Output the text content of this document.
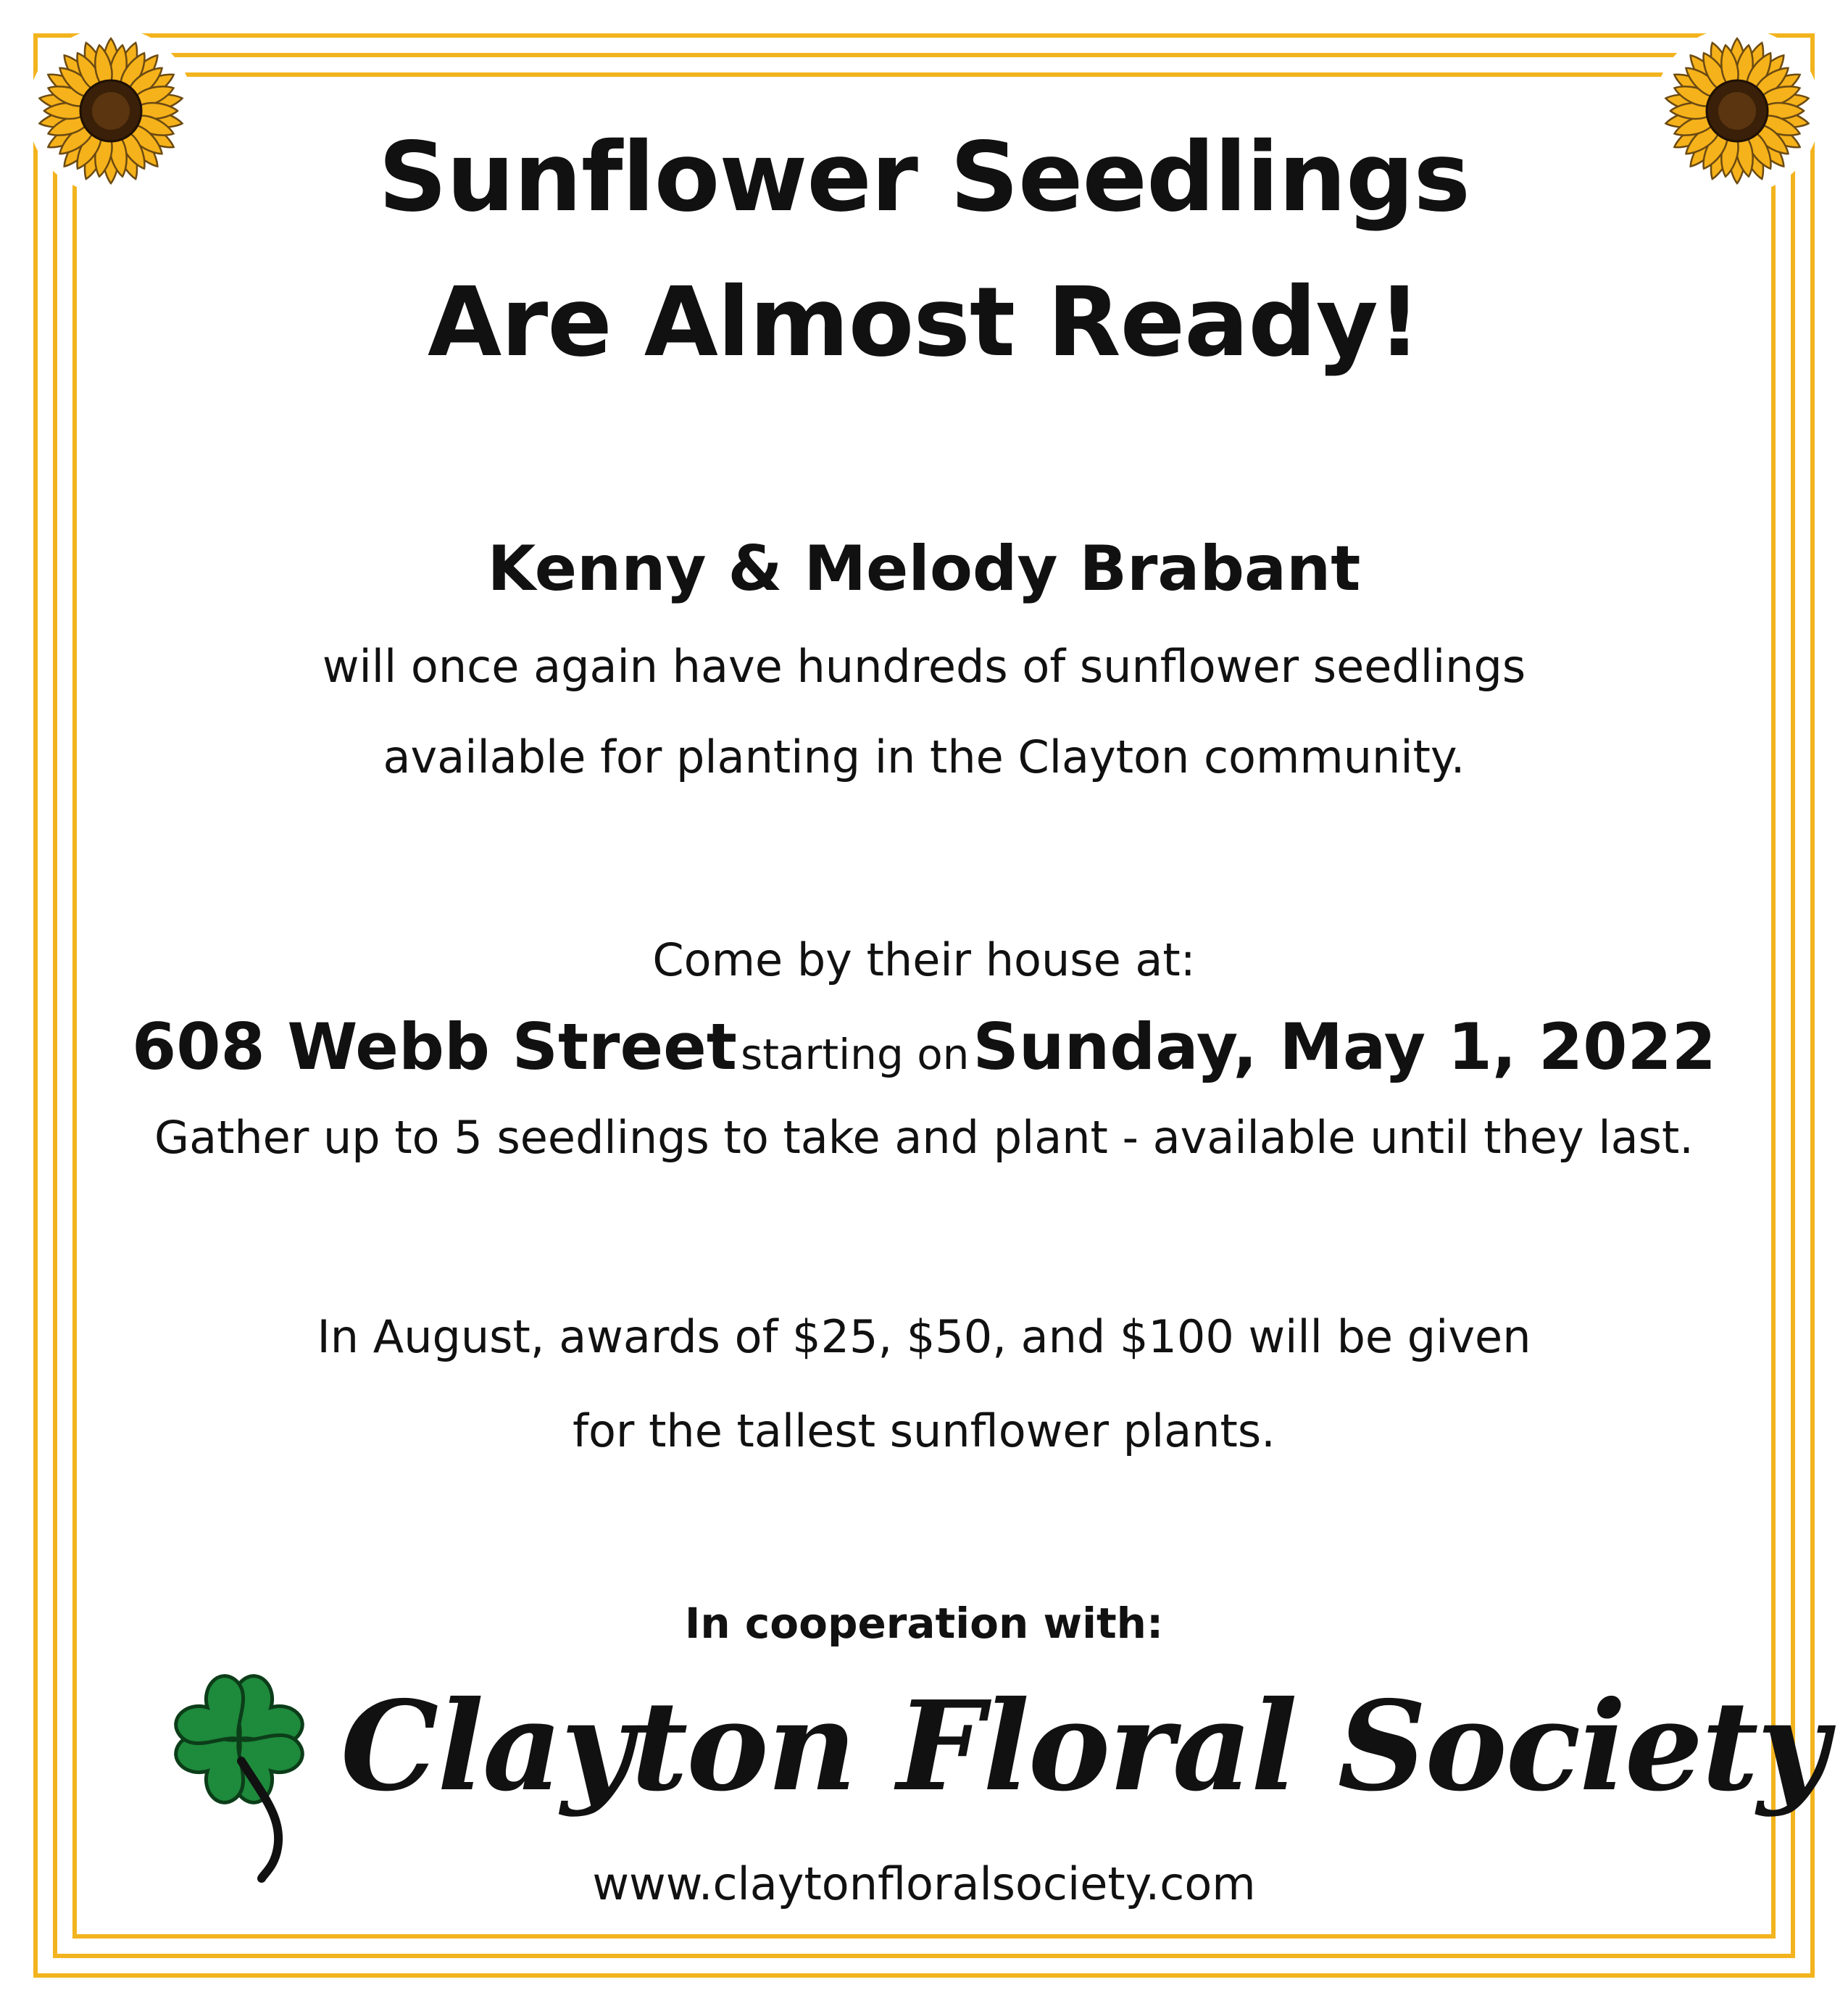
Sunflower Seedlings
Are Almost Ready!
Kenny & Melody Brabant
will once again have hundreds of sunflower seedlings
available for planting in the Clayton community.
Come by their house at:
608 Webb Street starting on Sunday, May 1, 2022
Gather up to 5 seedlings to take and plant - available until they last.
In August, awards of $25, $50, and $100 will be given
for the tallest sunflower plants.
In cooperation with:
www.claytonfloralsociety.com
Clayton Floral Society
